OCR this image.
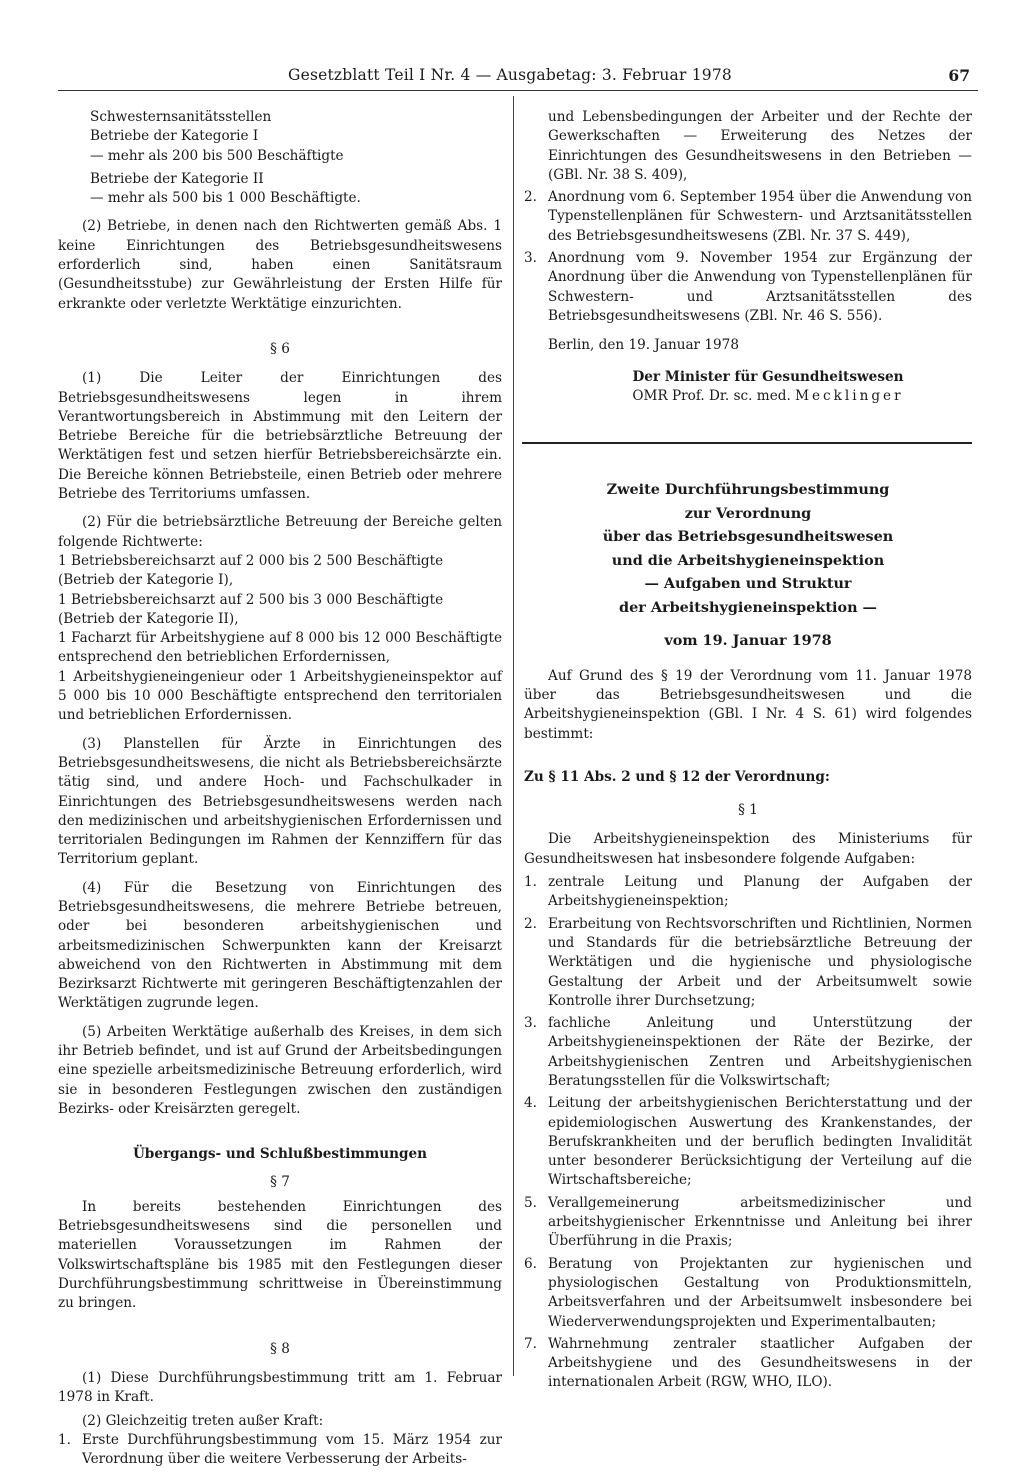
Gesetzblatt Teil I Nr. 4 — Ausgabetag: 3. Februar 1978	67

Schwesternsanitätsstellen

Betriebe der Kategorie I

— mehr als 200 bis 500 Beschäftigte

Betriebe der Kategorie II

— mehr als 500 bis 1 000 Beschäftigte.

(2) Betriebe, in denen nach den Richtwerten gemäß Abs. 1 keine Einrichtungen des Betriebsgesundheitswesens erforderlich sind, haben einen Sanitätsraum (Gesundheitsstube) zur Gewährleistung der Ersten Hilfe für erkrankte oder verletzte Werktätige einzurichten.

§ 6

(1) Die Leiter der Einrichtungen des Betriebsgesundheitswesens legen in ihrem Verantwortungsbereich in Abstimmung mit den Leitern der Betriebe Bereiche für die betriebsärztliche Betreuung der Werktätigen fest und setzen hierfür Betriebsbereichsärzte ein. Die Bereiche können Betriebsteile, einen Betrieb oder mehrere Betriebe des Territoriums umfassen.

(2) Für die betriebsärztliche Betreuung der Bereiche gelten folgende Richtwerte:

1 Betriebsbereichsarzt auf 2 000 bis 2 500 Beschäftigte (Betrieb der Kategorie I),

1 Betriebsbereichsarzt auf 2 500 bis 3 000 Beschäftigte (Betrieb der Kategorie II),

1 Facharzt für Arbeitshygiene auf 8 000 bis 12 000 Beschäftigte entsprechend den betrieblichen Erfordernissen,

1 Arbeitshygieneingenieur oder 1 Arbeitshygieneinspektor auf 5 000 bis 10 000 Beschäftigte entsprechend den territorialen und betrieblichen Erfordernissen.

(3) Planstellen für Ärzte in Einrichtungen des Betriebsgesundheitswesens, die nicht als Betriebsbereichsärzte tätig sind, und andere Hoch- und Fachschulkader in Einrichtungen des Betriebsgesundheitswesens werden nach den medizinischen und arbeitshygienischen Erfordernissen und territorialen Bedingungen im Rahmen der Kennziffern für das Territorium geplant.

(4) Für die Besetzung von Einrichtungen des Betriebsgesundheitswesens, die mehrere Betriebe betreuen, oder bei besonderen arbeitshygienischen und arbeitsmedizinischen Schwerpunkten kann der Kreisarzt abweichend von den Richtwerten in Abstimmung mit dem Bezirksarzt Richtwerte mit geringeren Beschäftigtenzahlen der Werktätigen zugrunde legen.

(5) Arbeiten Werktätige außerhalb des Kreises, in dem sich ihr Betrieb befindet, und ist auf Grund der Arbeitsbedingungen eine spezielle arbeitsmedizinische Betreuung erforderlich, wird sie in besonderen Festlegungen zwischen den zuständigen Bezirks- oder Kreisärzten geregelt.

Übergangs- und Schlußbestimmungen

§ 7

In bereits bestehenden Einrichtungen des Betriebsgesundheitswesens sind die personellen und materiellen Voraussetzungen im Rahmen der Volkswirtschaftspläne bis 1985 mit den Festlegungen dieser Durchführungsbestimmung schrittweise in Übereinstimmung zu bringen.

§ 8

(1) Diese Durchführungsbestimmung tritt am 1. Februar 1978 in Kraft.

(2) Gleichzeitig treten außer Kraft:

1. Erste Durchführungsbestimmung vom 15. März 1954 zur Verordnung über die weitere Verbesserung der Arbeits-

und Lebensbedingungen der Arbeiter und der Rechte der Gewerkschaften — Erweiterung des Netzes der Einrichtungen des Gesundheitswesens in den Betrieben — (GBl. Nr. 38 S. 409),

2. Anordnung vom 6. September 1954 über die Anwendung von Typenstellenplänen für Schwestern- und Arztsanitätsstellen des Betriebsgesundheitswesens (ZBl. Nr. 37 S. 449),
3. Anordnung vom 9. November 1954 zur Ergänzung der Anordnung über die Anwendung von Typenstellenplänen für Schwestern- und Arztsanitätsstellen des Betriebsgesundheitswesens (ZBl. Nr. 46 S. 556).

Berlin, den 19. Januar 1978

Der Minister für Gesundheitswesen

OMR Prof. Dr. sc. med. Mecklinger

Zweite Durchführungsbestimmung
zur Verordnung
über das Betriebsgesundheitswesen
und die Arbeitshygieneinspektion
— Aufgaben und Struktur
der Arbeitshygieneinspektion —
vom 19. Januar 1978

Auf Grund des § 19 der Verordnung vom 11. Januar 1978 über das Betriebsgesundheitswesen und die Arbeitshygieneinspektion (GBl. I Nr. 4 S. 61) wird folgendes bestimmt:

Zu § 11 Abs. 2 und § 12 der Verordnung:

§ 1

Die Arbeitshygieneinspektion des Ministeriums für Gesundheitswesen hat insbesondere folgende Aufgaben:

1. zentrale Leitung und Planung der Aufgaben der Arbeitshygieneinspektion;
2. Erarbeitung von Rechtsvorschriften und Richtlinien, Normen und Standards für die betriebsärztliche Betreuung der Werktätigen und die hygienische und physiologische Gestaltung der Arbeit und der Arbeitsumwelt sowie Kontrolle ihrer Durchsetzung;
3. fachliche Anleitung und Unterstützung der Arbeitshygieneinspektionen der Räte der Bezirke, der Arbeitshygienischen Zentren und Arbeitshygienischen Beratungsstellen für die Volkswirtschaft;
4. Leitung der arbeitshygienischen Berichterstattung und der epidemiologischen Auswertung des Krankenstandes, der Berufskrankheiten und der beruflich bedingten Invalidität unter besonderer Berücksichtigung der Verteilung auf die Wirtschaftsbereiche;
5. Verallgemeinerung arbeitsmedizinischer und arbeitshygienischer Erkenntnisse und Anleitung bei ihrer Überführung in die Praxis;
6. Beratung von Projektanten zur hygienischen und physiologischen Gestaltung von Produktionsmitteln, Arbeitsverfahren und der Arbeitsumwelt insbesondere bei Wiederverwendungsprojekten und Experimentalbauten;
7. Wahrnehmung zentraler staatlicher Aufgaben der Arbeitshygiene und des Gesundheitswesens in der internationalen Arbeit (RGW, WHO, ILO).
